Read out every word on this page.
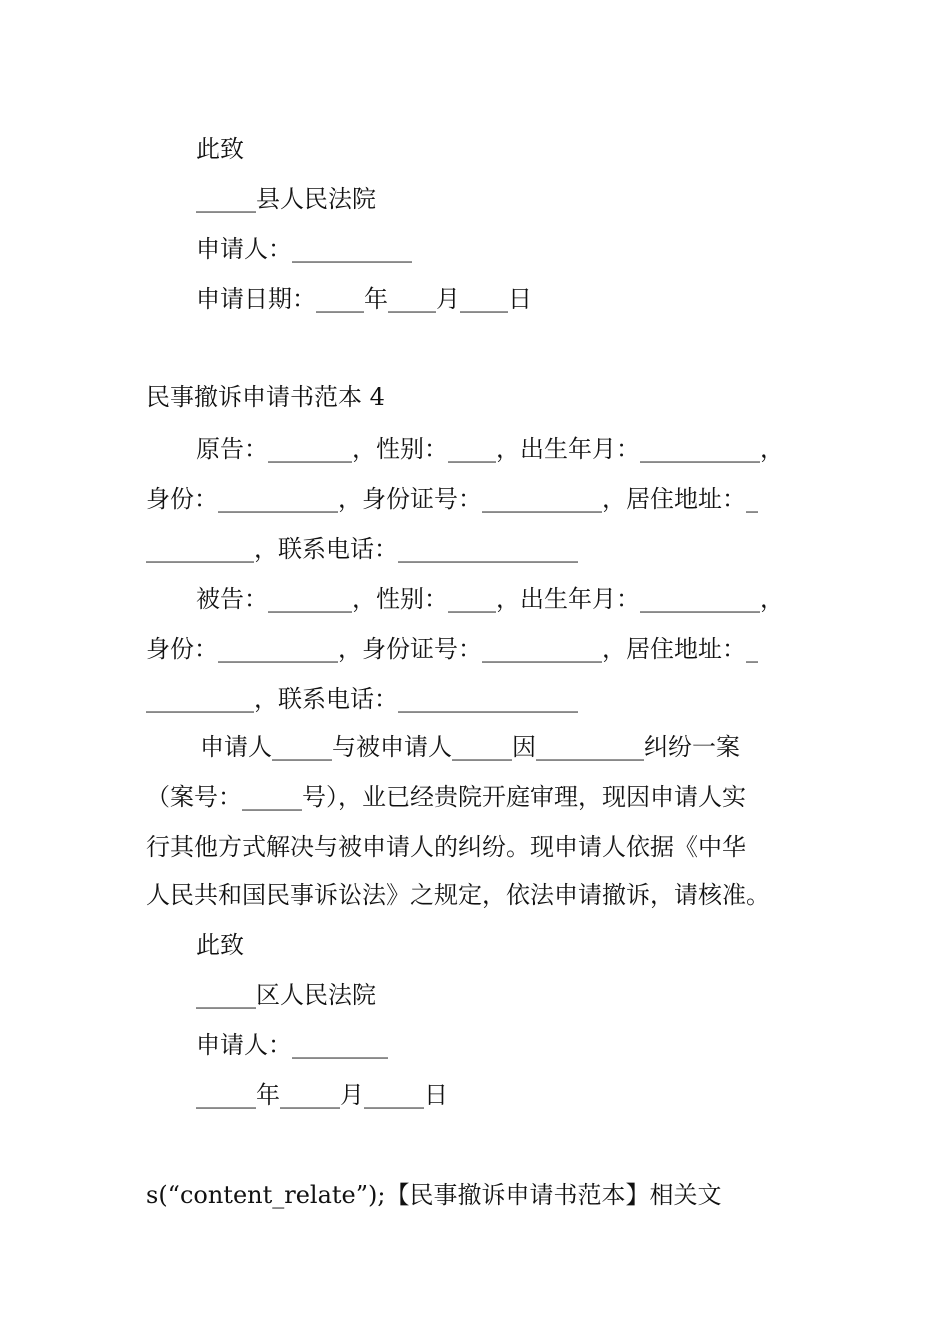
此致

_____县人民法院

申请人：__________

申请日期：____年____月____日

民事撤诉申请书范本 4

原告：_______，性别：____，出生年月：__________，

身份：__________，身份证号：__________，居住地址：_

_________，联系电话：_______________

被告：_______，性别：____，出生年月：__________，

身份：__________，身份证号：__________，居住地址：_

_________，联系电话：_______________

申请人_____与被申请人_____因_________纠纷一案

（案号：_____号），业已经贵院开庭审理，现因申请人实

行其他方式解决与被申请人的纠纷。现申请人依据《中华

人民共和国民事诉讼法》之规定，依法申请撤诉，请核准。

此致

_____区人民法院

申请人：________

_____年_____月_____日

s(“content_relate”);【民事撤诉申请书范本】相关文
